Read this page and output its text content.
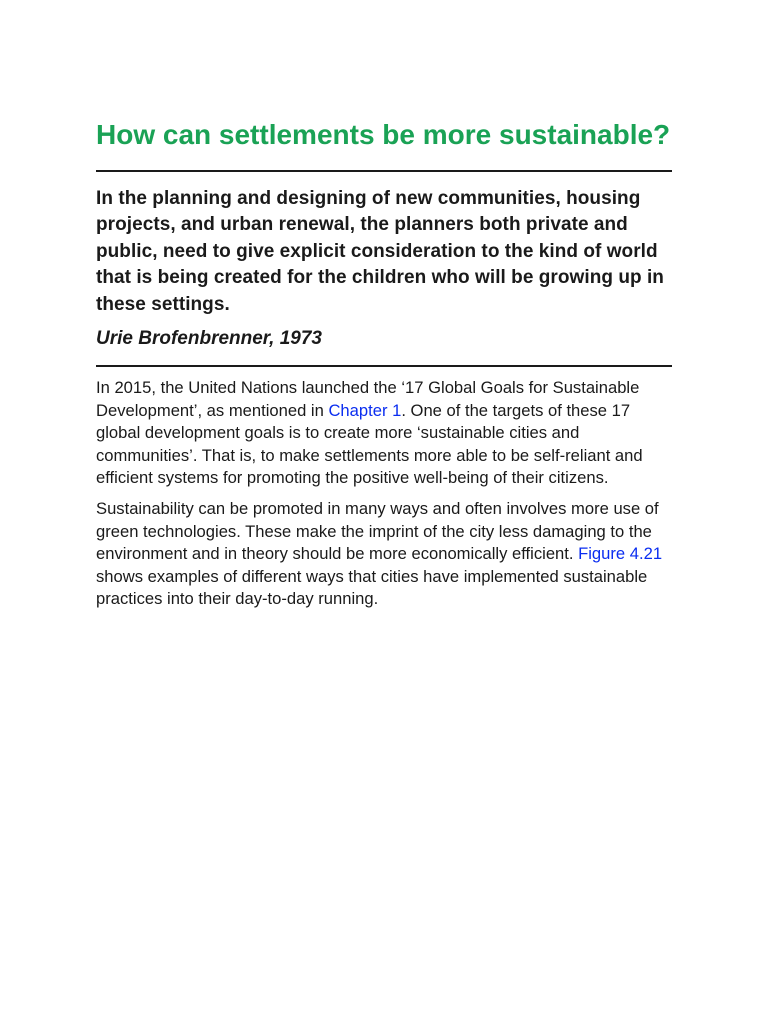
How can settlements be more sustainable?

In the planning and designing of new communities, housing projects, and urban renewal, the planners both private and public, need to give explicit consideration to the kind of world that is being created for the children who will be growing up in these settings.

Urie Brofenbrenner, 1973

In 2015, the United Nations launched the ‘17 Global Goals for Sustainable Development’, as mentioned in Chapter 1. One of the targets of these 17 global development goals is to create more ‘sustainable cities and communities’. That is, to make settlements more able to be self-reliant and efficient systems for promoting the positive well-being of their citizens.

Sustainability can be promoted in many ways and often involves more use of green technologies. These make the imprint of the city less damaging to the environment and in theory should be more economically efficient. Figure 4.21 shows examples of different ways that cities have implemented sustainable practices into their day-to-day running.
